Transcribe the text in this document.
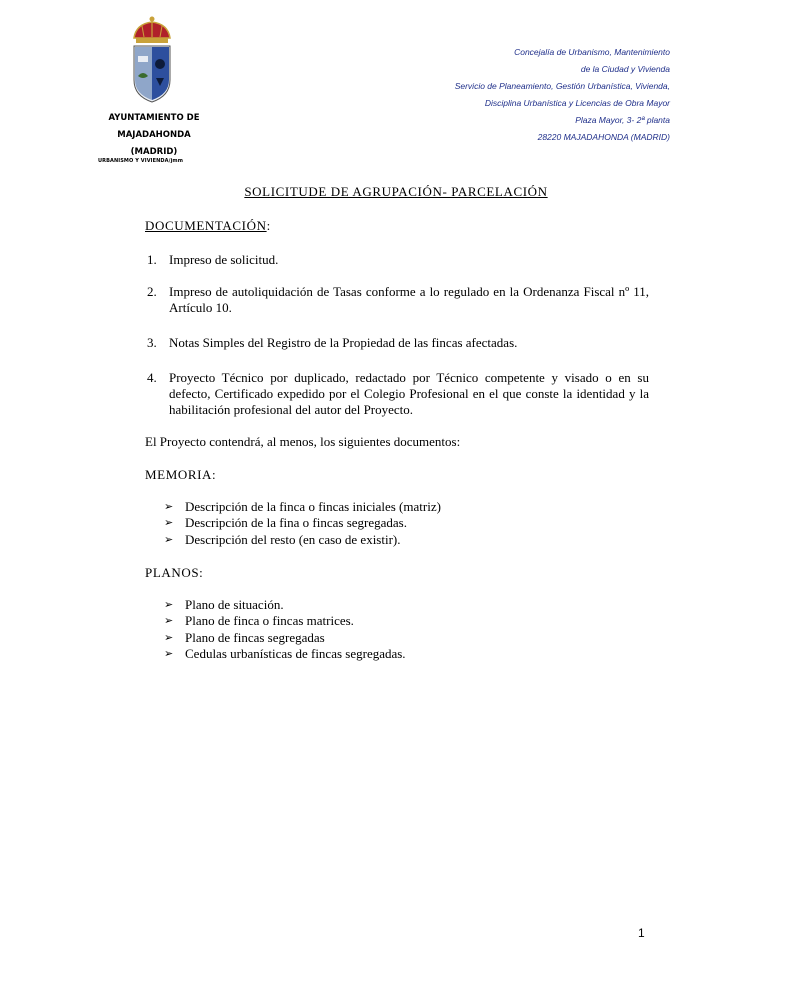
AYUNTAMIENTO DE
MAJADAHONDA
(MADRID)
URBANISMO Y VIVIENDA/jmm
Concejalía de Urbanismo, Mantenimiento
de la Ciudad y Vivienda
Servicio de Planeamiento, Gestión Urbanística, Vivienda,
Disciplina Urbanística y Licencias de Obra Mayor
Plaza Mayor, 3- 2ª planta
28220 MAJADAHONDA (MADRID)
SOLICITUDE DE AGRUPACIÓN- PARCELACIÓN
DOCUMENTACIÓN:
1. Impreso de solicitud.
2. Impreso de autoliquidación de Tasas conforme a lo regulado en la Ordenanza Fiscal nº 11, Artículo 10.
3. Notas Simples del Registro de la Propiedad de las fincas afectadas.
4. Proyecto Técnico por duplicado, redactado por Técnico competente y visado o en su defecto, Certificado expedido por el Colegio Profesional en el que conste la identidad y la habilitación profesional del autor del Proyecto.
El Proyecto contendrá, al menos, los siguientes documentos:
MEMORIA:
➢ Descripción de la finca o fincas iniciales (matriz)
➢ Descripción de la fina o fincas segregadas.
➢ Descripción del resto (en caso de existir).
PLANOS:
➢ Plano de situación.
➢ Plano de finca o fincas matrices.
➢ Plano de fincas segregadas
➢ Cedulas urbanísticas de fincas segregadas.
1
